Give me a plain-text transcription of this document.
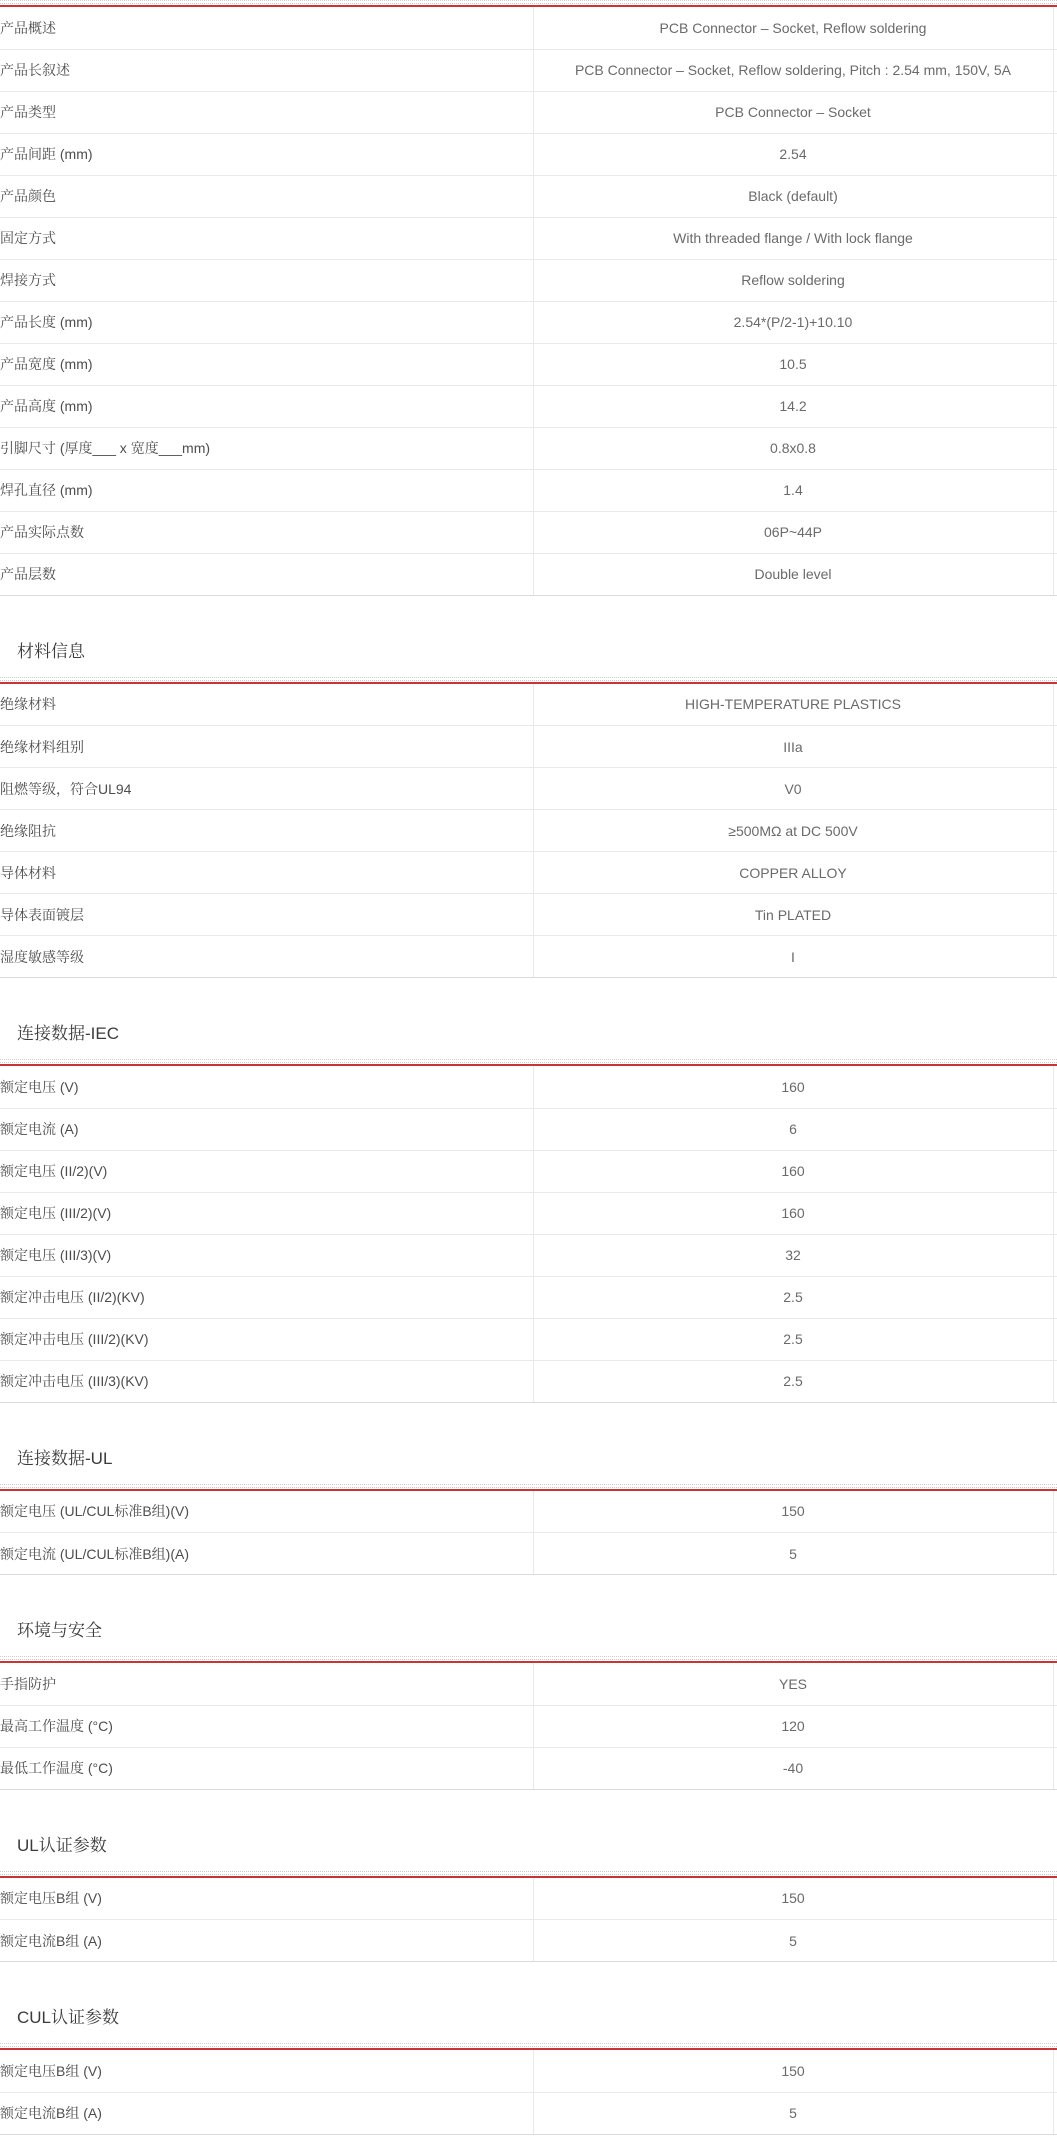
产品概述	PCB Connector – Socket, Reflow soldering	
产品长叙述	PCB Connector – Socket, Reflow soldering, Pitch : 2.54 mm, 150V, 5A	
产品类型	PCB Connector – Socket	
产品间距 (mm)	2.54	
产品颜色	Black (default)	
固定方式	With threaded flange / With lock flange	
焊接方式	Reflow soldering	
产品长度 (mm)	2.54*(P/2-1)+10.10	
产品宽度 (mm)	10.5	
产品高度 (mm)	14.2	
引脚尺寸 (厚度___ x 宽度___mm)	0.8x0.8	
焊孔直径 (mm)	1.4	
产品实际点数	06P~44P	
产品层数	Double level	
材料信息
绝缘材料	HIGH-TEMPERATURE PLASTICS	
绝缘材料组别	IIIa	
阻燃等级，符合UL94	V0	
绝缘阻抗	≥500MΩ at DC 500V	
导体材料	COPPER ALLOY	
导体表面镀层	Tin PLATED	
湿度敏感等级	I	
连接数据-IEC
额定电压 (V)	160	
额定电流 (A)	6	
额定电压 (II/2)(V)	160	
额定电压 (III/2)(V)	160	
额定电压 (III/3)(V)	32	
额定冲击电压 (II/2)(KV)	2.5	
额定冲击电压 (III/2)(KV)	2.5	
额定冲击电压 (III/3)(KV)	2.5	
连接数据-UL
额定电压 (UL/CUL标准B组)(V)	150	
额定电流 (UL/CUL标准B组)(A)	5	
环境与安全
手指防护	YES	
最高工作温度 (°C)	120	
最低工作温度 (°C)	-40	
UL认证参数
额定电压B组 (V)	150	
额定电流B组 (A)	5	
CUL认证参数
额定电压B组 (V)	150	
额定电流B组 (A)	5	
